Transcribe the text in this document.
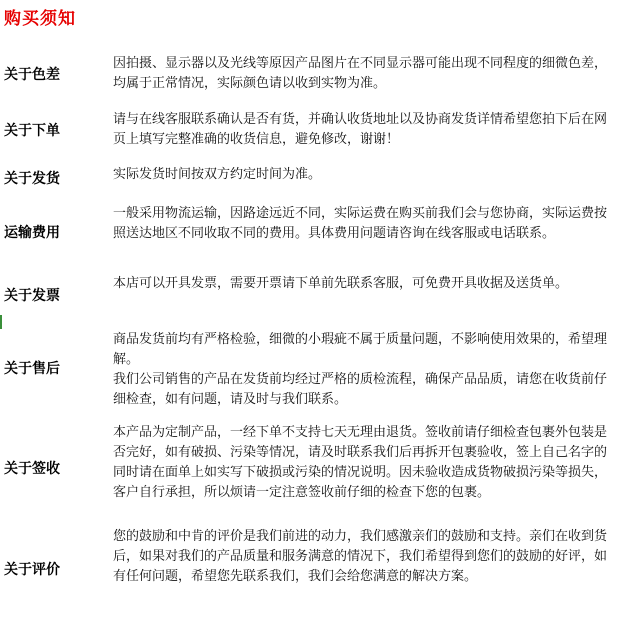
购买须知
关于色差
因拍摄、显示器以及光线等原因产品图片在不同显示器可能出现不同程度的细微色差，均属于正常情况，实际颜色请以收到实物为准。
关于下单
请与在线客服联系确认是否有货，并确认收货地址以及协商发货详情希望您拍下后在网页上填写完整准确的收货信息，避免修改，谢谢！
关于发货	实际发货时间按双方约定时间为准。
运输费用
一般采用物流运输，因路途远近不同，实际运费在购买前我们会与您协商，实际运费按照送达地区不同收取不同的费用。具体费用问题请咨询在线客服或电话联系。
关于发票
本店可以开具发票，需要开票请下单前先联系客服，可免费开具收据及送货单。
关于售后
商品发货前均有严格检验，细微的小瑕疵不属于质量问题，不影响使用效果的，希望理解。
我们公司销售的产品在发货前均经过严格的质检流程，确保产品品质，请您在收货前仔细检查，如有问题，请及时与我们联系。
关于签收
本产品为定制产品，一经下单不支持七天无理由退货。签收前请仔细检查包裹外包装是否完好，如有破损、污染等情况，请及时联系我们后再拆开包裹验收，签上自己名字的同时请在面单上如实写下破损或污染的情况说明。因未验收造成货物破损污染等损失，客户自行承担，所以烦请一定注意签收前仔细的检查下您的包裹。
关于评价
您的鼓励和中肯的评价是我们前进的动力，我们感激亲们的鼓励和支持。亲们在收到货后，如果对我们的产品质量和服务满意的情况下，我们希望得到您们的鼓励的好评，如有任何问题，希望您先联系我们，我们会给您满意的解决方案。
